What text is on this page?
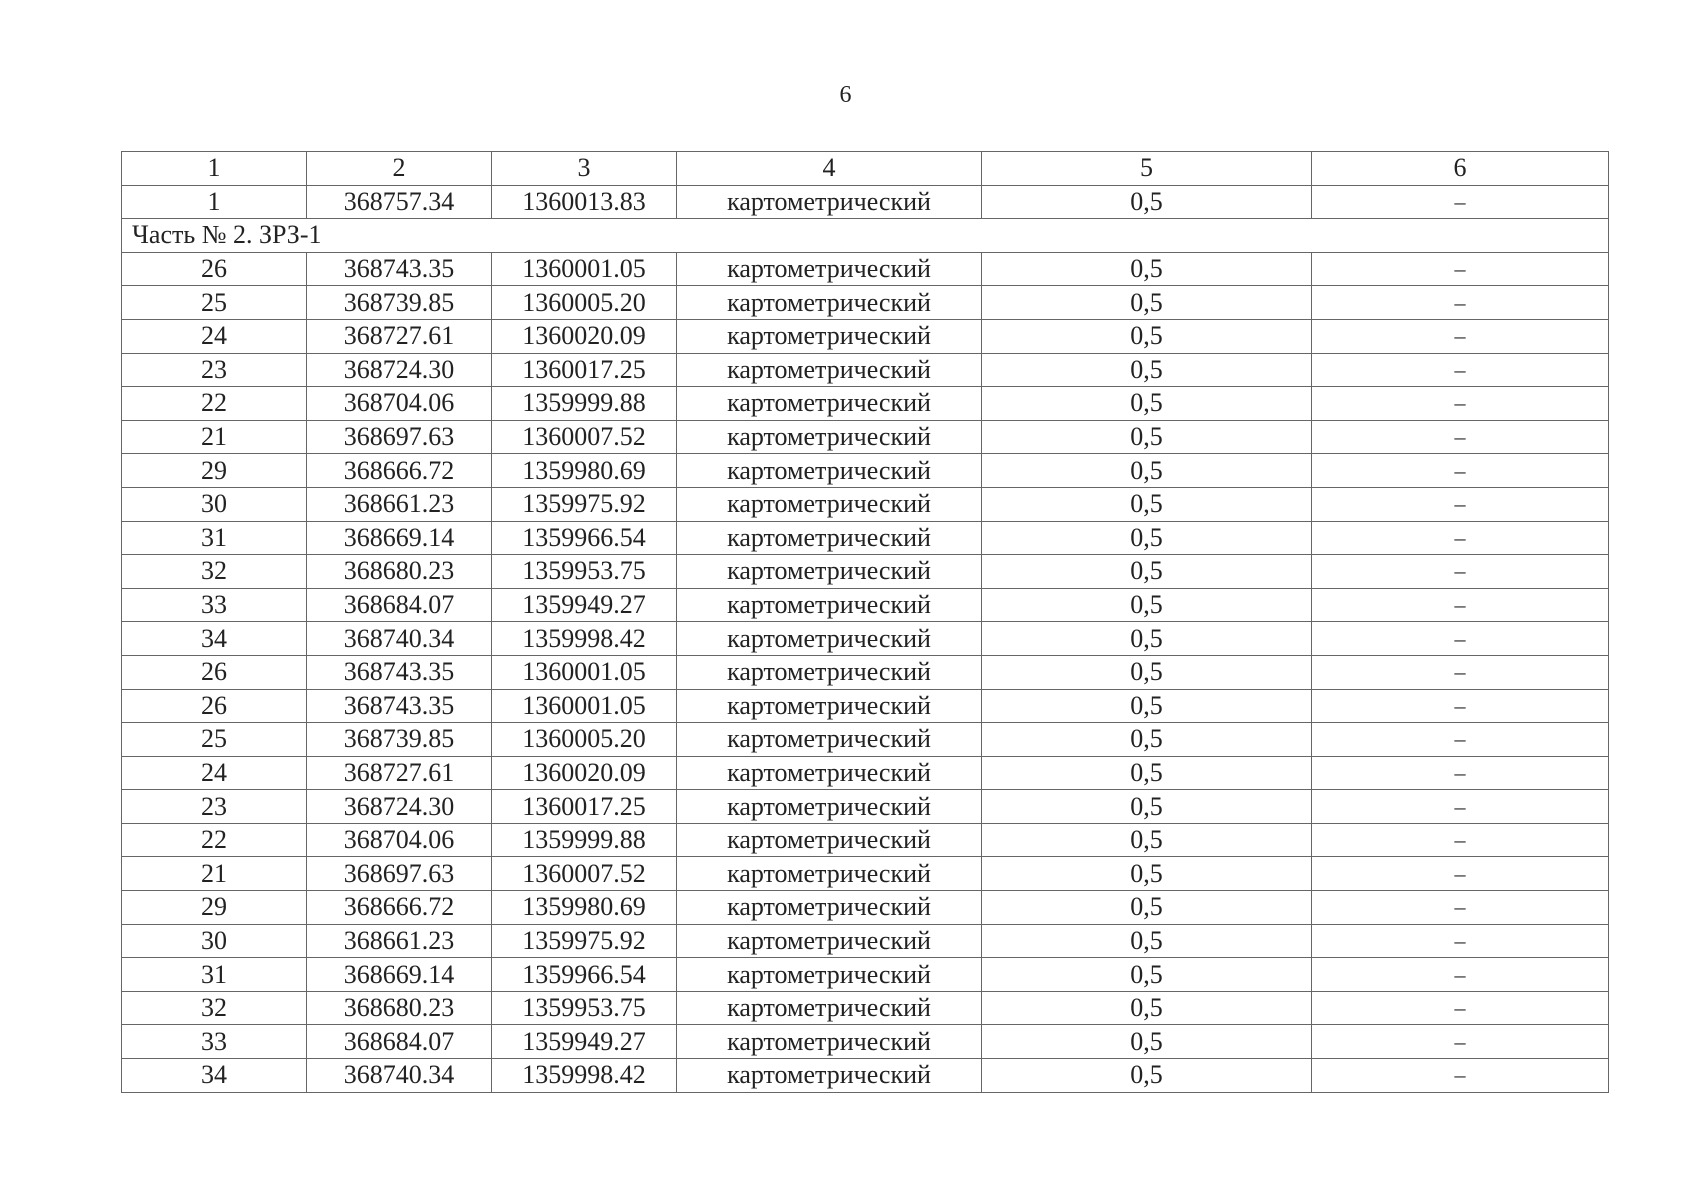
6
1	2	3	4	5	6
1	368757.34	1360013.83	картометрический	0,5	–
Часть № 2. ЗРЗ-1					
26	368743.35	1360001.05	картометрический	0,5	–
25	368739.85	1360005.20	картометрический	0,5	–
24	368727.61	1360020.09	картометрический	0,5	–
23	368724.30	1360017.25	картометрический	0,5	–
22	368704.06	1359999.88	картометрический	0,5	–
21	368697.63	1360007.52	картометрический	0,5	–
29	368666.72	1359980.69	картометрический	0,5	–
30	368661.23	1359975.92	картометрический	0,5	–
31	368669.14	1359966.54	картометрический	0,5	–
32	368680.23	1359953.75	картометрический	0,5	–
33	368684.07	1359949.27	картометрический	0,5	–
34	368740.34	1359998.42	картометрический	0,5	–
26	368743.35	1360001.05	картометрический	0,5	–
26	368743.35	1360001.05	картометрический	0,5	–
25	368739.85	1360005.20	картометрический	0,5	–
24	368727.61	1360020.09	картометрический	0,5	–
23	368724.30	1360017.25	картометрический	0,5	–
22	368704.06	1359999.88	картометрический	0,5	–
21	368697.63	1360007.52	картометрический	0,5	–
29	368666.72	1359980.69	картометрический	0,5	–
30	368661.23	1359975.92	картометрический	0,5	–
31	368669.14	1359966.54	картометрический	0,5	–
32	368680.23	1359953.75	картометрический	0,5	–
33	368684.07	1359949.27	картометрический	0,5	–
34	368740.34	1359998.42	картометрический	0,5	–
